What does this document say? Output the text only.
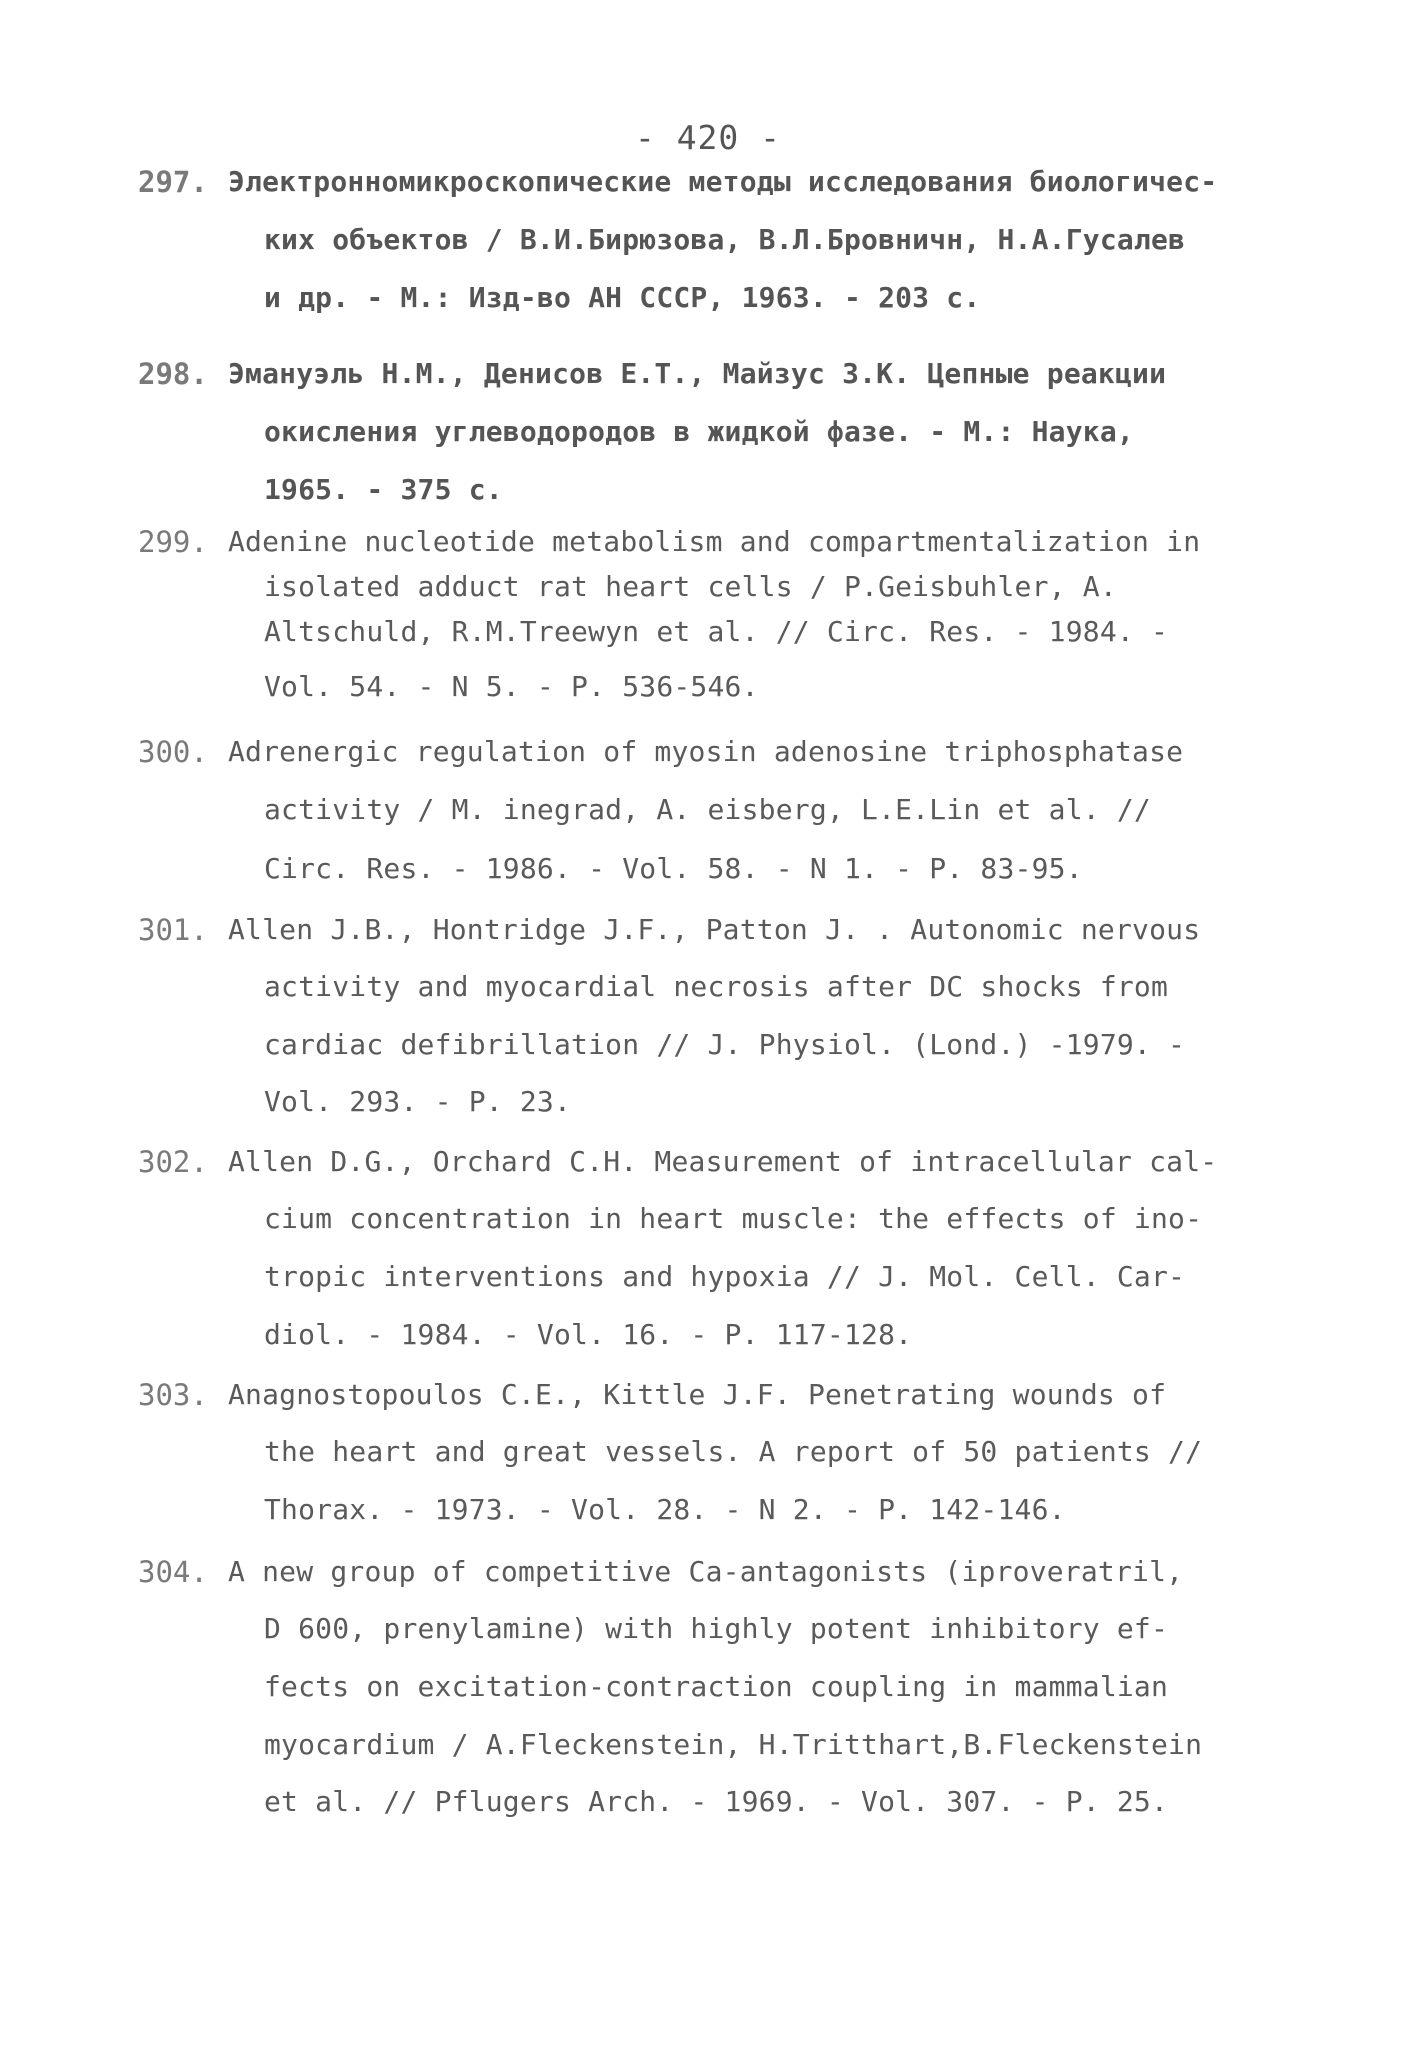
- 420 -
297. Электронномикроскопические методы исследования биологичес-
ких объектов / В.И.Бирюзова, В.Л.Бровничн, Н.А.Гусалев
и др. - М.: Изд-во АН СССР, 1963. - 203 с.
298. Эмануэль Н.М., Денисов Е.Т., Майзус З.К. Цепные реакции
окисления углеводородов в жидкой фазе. - М.: Наука,
1965. - 375 с.
299. Adenine nucleotide metabolism and compartmentalization in
isolated adduct rat heart cells / P.Geisbuhler, A.
Altschuld, R.M.Trеewyn et al. // Circ. Res. - 1984. -
Vol. 54. - N 5. - P. 536-546.
300. Adrenergic regulation of myosin adenosine triphosphatase
activity / M. inegrad, A. eisberg, L.E.Lin et al. //
Circ. Res. - 1986. - Vol. 58. - N 1. - P. 83-95.
301. Allen J.B., Hontridge J.F., Patton J. . Autonomic nervous
activity and myocardial necrosis after DC shocks from
cardiac defibrillation // J. Physiol. (Lond.) -1979. -
Vol. 293. - P. 23.
302. Allen D.G., Orchard C.H. Measurement of intracellular cal-
cium concentration in heart muscle: the effects of ino-
tropic interventions and hypoxia // J. Mol. Cell. Car-
diol. - 1984. - Vol. 16. - P. 117-128.
303. Anagnostopoulos C.E., Kittle J.F. Penetrating wounds of
the heart and great vessels. A report of 50 patients //
Thorax. - 1973. - Vol. 28. - N 2. - P. 142-146.
304. A new group of competitive Ca-antagonists (iproveratril,
D 600, prenylamine) with highly potent inhibitory ef-
fects on excitation-contraction coupling in mammalian
myocardium / A.Fleckenstein, H.Tritthart,B.Fleckenstein
et al. // Pflugers Arch. - 1969. - Vol. 307. - P. 25.
